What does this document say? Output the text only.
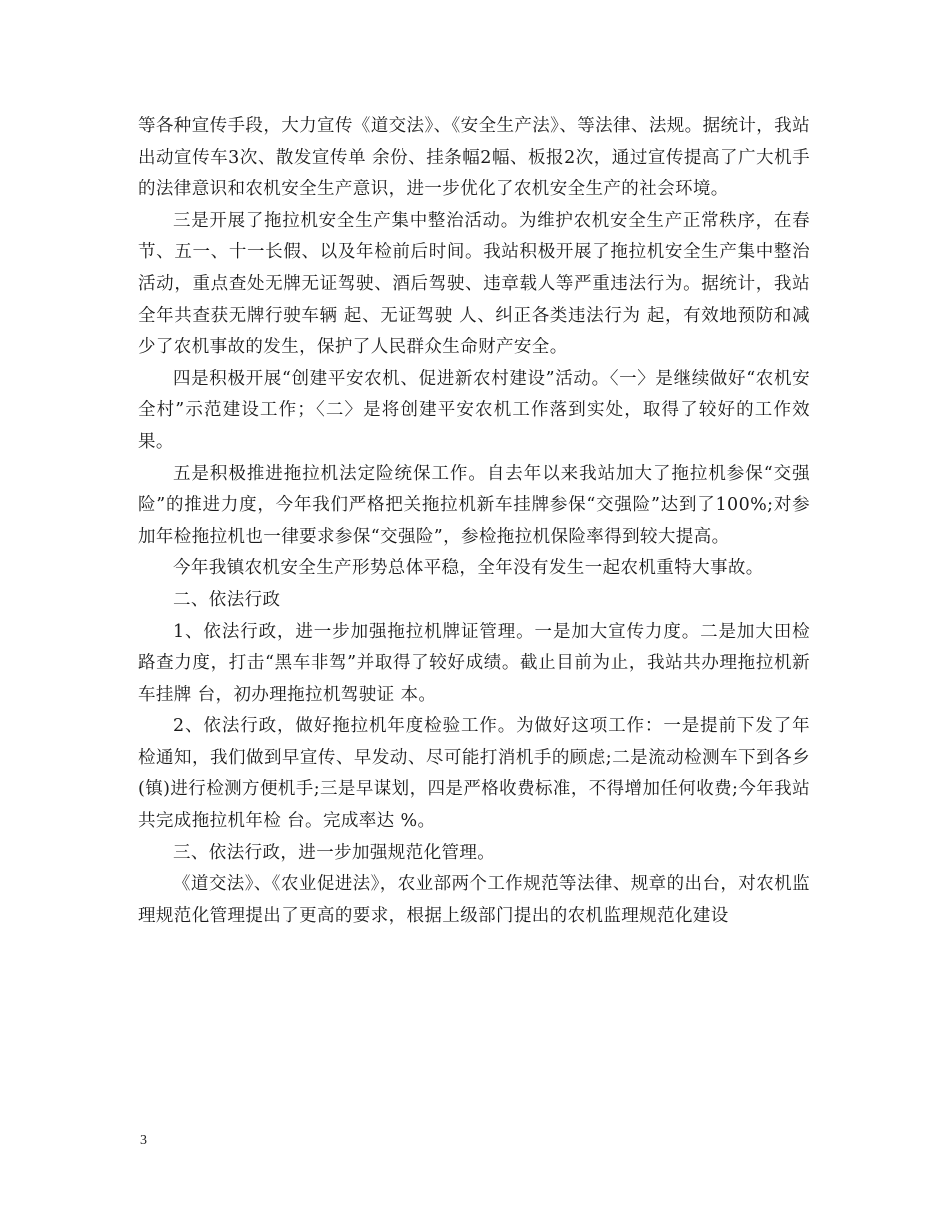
等各种宣传手段，大力宣传《道交法》、《安全生产法》、等法律、法规。据统计，我站出动宣传车3次、散发宣传单 余份、挂条幅2幅、板报2次，通过宣传提高了广大机手的法律意识和农机安全生产意识，进一步优化了农机安全生产的社会环境。

三是开展了拖拉机安全生产集中整治活动。为维护农机安全生产正常秩序，在春节、五一、十一长假、以及年检前后时间。我站积极开展了拖拉机安全生产集中整治活动，重点查处无牌无证驾驶、酒后驾驶、违章载人等严重违法行为。据统计，我站全年共查获无牌行驶车辆 起、无证驾驶 人、纠正各类违法行为 起，有效地预防和减少了农机事故的发生，保护了人民群众生命财产安全。

四是积极开展“创建平安农机、促进新农村建设”活动。〈一〉是继续做好“农机安全村”示范建设工作；〈二〉是将创建平安农机工作落到实处，取得了较好的工作效果。

五是积极推进拖拉机法定险统保工作。自去年以来我站加大了拖拉机参保“交强险”的推进力度，今年我们严格把关拖拉机新车挂牌参保“交强险”达到了100%;对参加年检拖拉机也一律要求参保“交强险”，参检拖拉机保险率得到较大提高。

今年我镇农机安全生产形势总体平稳，全年没有发生一起农机重特大事故。

二、依法行政

1、依法行政，进一步加强拖拉机牌证管理。一是加大宣传力度。二是加大田检路查力度，打击“黑车非驾”并取得了较好成绩。截止目前为止，我站共办理拖拉机新车挂牌 台，初办理拖拉机驾驶证 本。

2、依法行政，做好拖拉机年度检验工作。为做好这项工作：一是提前下发了年检通知，我们做到早宣传、早发动、尽可能打消机手的顾虑;二是流动检测车下到各乡(镇)进行检测方便机手;三是早谋划，四是严格收费标准，不得增加任何收费;今年我站共完成拖拉机年检 台。完成率达 %。

三、依法行政，进一步加强规范化管理。

《道交法》、《农业促进法》，农业部两个工作规范等法律、规章的出台，对农机监理规范化管理提出了更高的要求，根据上级部门提出的农机监理规范化建设

3
